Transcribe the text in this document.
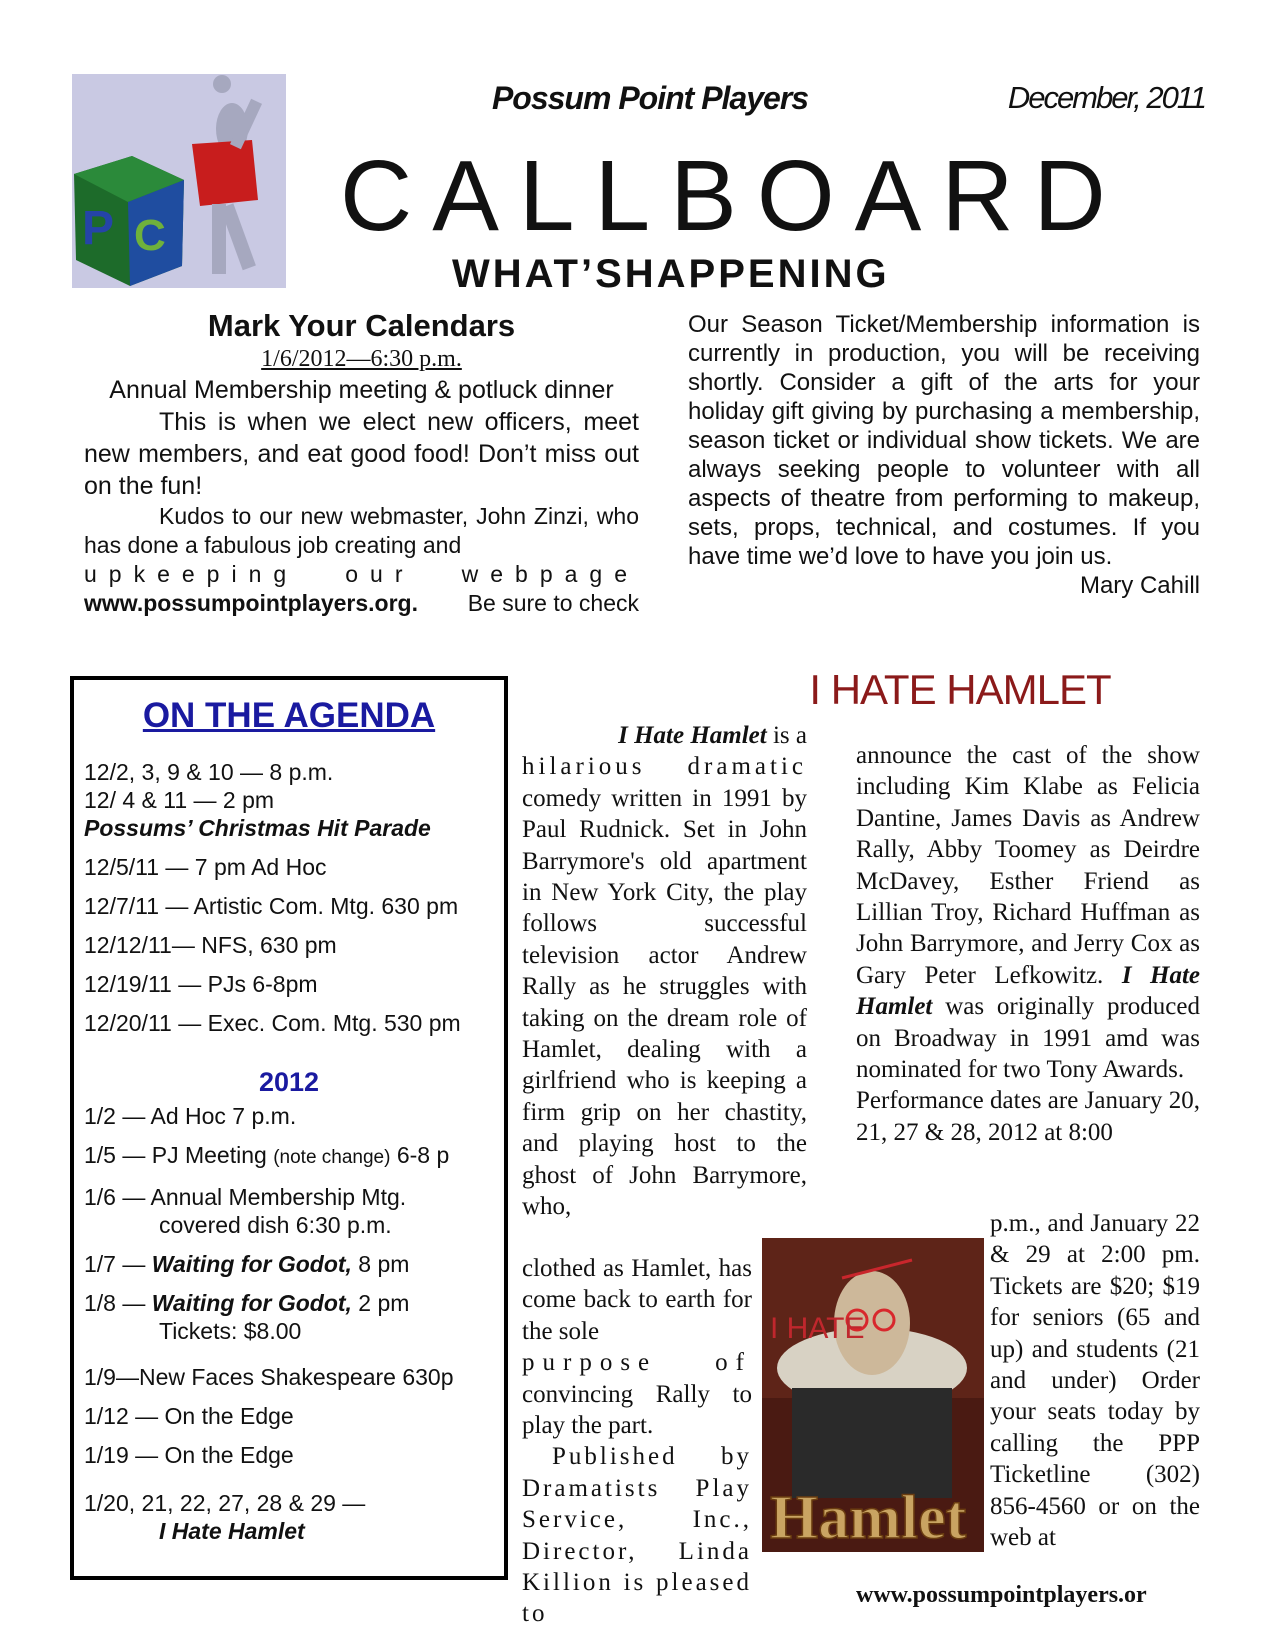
P C
Possum Point Players	December, 2011
CALLBOARD
WHAT’SHAPPENING
Mark Your Calendars
1/6/2012—6:30 p.m.
Annual Membership meeting & potluck dinner

This is when we elect new officers, meet new members, and eat good food! Don’t miss out on the fun!

Kudos to our new webmaster, John Zinzi, who has done a fabulous job creating and

upkeeping our webpage
www.possumpointplayers.org. Be sure to check
Our Season Ticket/Membership information is currently in production, you will be receiving shortly. Consider a gift of the arts for your holiday gift giving by purchasing a membership, season ticket or individual show tickets. We are always seeking people to volunteer with all aspects of theatre from performing to makeup, sets, props, technical, and costumes. If you have time we’d love to have you join us.
Mary Cahill
ON THE AGENDA
12/2, 3, 9 & 10 — 8 p.m.
12/ 4 & 11 — 2 pm
Possums’ Christmas Hit Parade
12/5/11 — 7 pm Ad Hoc
12/7/11 — Artistic Com. Mtg. 630 pm
12/12/11— NFS, 630 pm
12/19/11 — PJs 6-8pm
12/20/11 — Exec. Com. Mtg. 530 pm
2012
1/2 — Ad Hoc 7 p.m.
1/5 — PJ Meeting (note change) 6-8 p
1/6 — Annual Membership Mtg.
covered dish 6:30 p.m.
1/7 — Waiting for Godot, 8 pm
1/8 — Waiting for Godot, 2 pm
Tickets: $8.00
1/9—New Faces Shakespeare 630p
1/12 — On the Edge
1/19 — On the Edge
1/20, 21, 22, 27, 28 & 29 —
I Hate Hamlet
I HATE HAMLET
I Hate Hamlet is a
hilarious dramatic
comedy written in 1991 by Paul Rudnick. Set in John Barrymore's old apartment in New York City, the play follows successful television actor Andrew Rally as he struggles with taking on the dream role of Hamlet, dealing with a girlfriend who is keeping a firm grip on her chastity, and playing host to the ghost of John Barrymore, who,
clothed as Hamlet, has come back to earth for the sole
purpose of
convincing Rally to play the part.
Published by Dramatists Play Service, Inc., Director, Linda Killion is pleased to
announce the cast of the show including Kim Klabe as Felicia Dantine, James Davis as Andrew Rally, Abby Toomey as Deirdre McDavey, Esther Friend as Lillian Troy, Richard Huffman as John Barrymore, and Jerry Cox as Gary Peter Lefkowitz. I Hate Hamlet was originally produced on Broadway in 1991 amd was nominated for two Tony Awards.
Performance dates are January 20, 21, 27 & 28, 2012 at 8:00
p.m., and January 22 & 29 at 2:00 pm. Tickets are $20; $19 for seniors (65 and up) and students (21 and under) Order your seats today by calling the PPP Ticketline (302) 856-4560 or on the web at
www.possumpointplayers.or
I HATE
Hamlet
